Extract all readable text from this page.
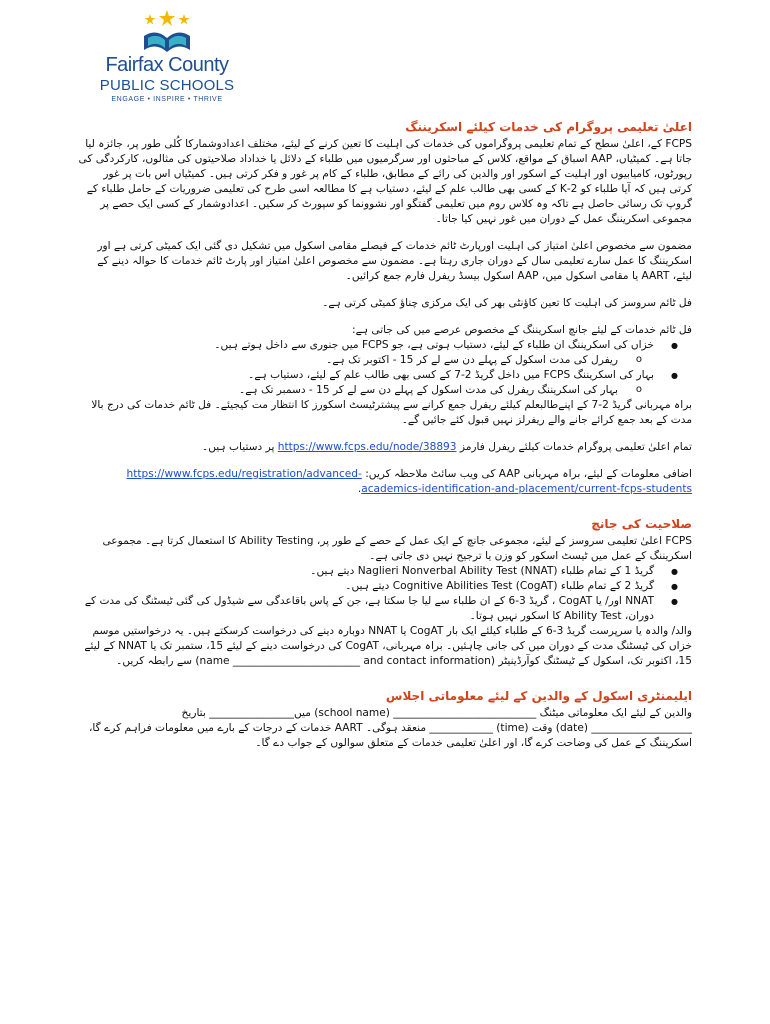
Fairfax County
PUBLIC SCHOOLS
ENGAGE • INSPIRE • THRIVE
اعلیٰ تعلیمی پروگرام کی خدمات کیلئے اسکریننگ

FCPS کے، اعلیٰ سطح کے تمام تعلیمی پروگراموں کی خدمات کی اہلیت کا تعین کرنے کے لیئے، مختلف اعدادوشمارکا کُلی طور پر، جائزہ لیا جاتا ہے۔ کمیٹیاں، AAP اسباق کے مواقع، کلاس کے مباحثوں اور سرگرمیوں میں طلباء کے دلائل یا خداداد صلاحیتوں کی مثالوں، کارکردگی کی رپورٹوں، کامیابیوں اور اہلیت کے اسکور اور والدین کی رائے کے مطابق، طلباء کے کام پر غور و فکر کرتی ہیں۔ کمیٹیاں اس بات پر غور کرتی ہیں کہ آیا طلباء کو 2-K کے کسی بھی طالب علم کے لیئے، دستیاب ہے کا مطالعہ اسی طرح کی تعلیمی ضروریات کے حامل طلباء کے گروپ تک رسائی حاصل ہے تاکہ وہ کلاس روم میں تعلیمی گفتگو اور نشوونما کو سپورٹ کر سکیں۔ اعدادوشمار کے کسی ایک حصے پر مجموعی اسکریننگ عمل کے دوران میں غور نہیں کیا جاتا۔

مضمون سے مخصوص اعلیٰ امتیاز کی اہلیت اورپارٹ ٹائم خدمات کے فیصلے مقامی اسکول میں تشکیل دی گئی ایک کمیٹی کرتی ہے اور اسکریننگ کا عمل سارے تعلیمی سال کے دوران جاری رہتا ہے۔ مضمون سے مخصوص اعلیٰ امتیاز اور پارٹ ٹائم خدمات کا حوالہ دینے کے لیئے، AART یا مقامی اسکول میں، AAP اسکول بیسڈ ریفرل فارم جمع کرائیں۔

فل ٹائم سروسز کی اہلیت کا تعین کاؤنٹی بھر کی ایک مرکزی چناؤ کمیٹی کرتی ہے۔

فل ٹائم خدمات کے لیئے جانچ اسکریننگ کے مخصوص عرصے میں کی جاتی ہے:
● خزاں کی اسکریننگ ان طلباء کے لیئے، دستیاب ہوتی ہے، جو FCPS میں جنوری سے داخل ہوتے ہیں۔
o ریفرل کی مدت اسکول کے پہلے دن سے لے کر 15 - اکتوبر تک ہے۔
● بہار کی اسکریننگ FCPS میں داخل گریڈ 2-7 کے کسی بھی طالب علم کے لیئے، دستیاب ہے۔
o بہار کی اسکریننگ ریفرل کی مدت اسکول کے پہلے دن سے لے کر 15 - دسمبر تک ہے۔

براہ مہربانی گریڈ 2-7 کے اپنےطالبعلم کیلئے ریفرل جمع کرانے سے پیشترٹیسٹ اسکورز کا انتظار مت کیجیئے۔ فل ٹائم خدمات کی درج بالا مدت کے بعد جمع کرائے جانے والے ریفرلز نہیں قبول کئے جائیں گے۔

تمام اعلیٰ تعلیمی پروگرام خدمات کیلئے ریفرل فارمز https://www.fcps.edu/node/38893 پر دستیاب ہیں۔

اضافی معلومات کے لیئے، براہ مہربانی AAP کی ویب سائٹ ملاحظہ کریں: https://www.fcps.edu/registration/advanced-academics-identification-and-placement/current-fcps-students.

صلاحیت کی جانچ
FCPS اعلیٰ تعلیمی سروسز کے لیئے، مجموعی جانچ کے ایک عمل کے حصے کے طور پر، Ability Testing کا استعمال کرتا ہے۔ مجموعی اسکریننگ کے عمل میں ٹیسٹ اسکور کو وزن یا ترجیح نہیں دی جاتی ہے۔
● گریڈ 1 کے تمام طلباء (Naglieri Nonverbal Ability Test (NNAT دیتے ہیں۔
● گریڈ 2 کے تمام طلباء (Cognitive Abilities Test (CogAT دیتے ہیں۔
● NNAT اور/ یا CogAT ، گریڈ 3-6 کے ان طلباء سے لیا جا سکتا ہے، جن کے پاس باقاعدگی سے شیڈول کی گئی ٹیسٹنگ کی مدت کے دوران، Ability Test کا اسکور نہیں ہوتا۔

والد/ والدہ یا سرپرست گریڈ 3-6 کے طلباء کیلئے ایک بار CogAT یا NNAT دوبارہ دینے کی درخواست کرسکتے ہیں۔ یہ درخواستیں موسم خزاں کی ٹیسٹنگ مدت کے دوران میں کی جانی چاہئیں۔ براہ مہربانی، CogAT کی درخواست دینے کے لیئے 15، ستمبر تک یا NNAT کے لیئے 15، اکتوبر تک، اسکول کے ٹیسٹنگ کوآرڈینیٹر (name ________________________ and contact information) سے رابطہ کریں۔

ایلیمنٹری اسکول کے والدین کے لیئے معلوماتی اجلاس

والدین کے لیئے ایک معلوماتی میٹنگ ___________________________ (school name) میں________________ بتاریخ ___________________ (date) وقت (time) ____________ منعقد ہوگی۔ AART خدمات کے درجات کے بارے میں معلومات فراہم کرے گا، اسکریننگ کے عمل کی وضاحت کرے گا، اور اعلیٰ تعلیمی خدمات کے متعلق سوالوں کے جواب دے گا۔
